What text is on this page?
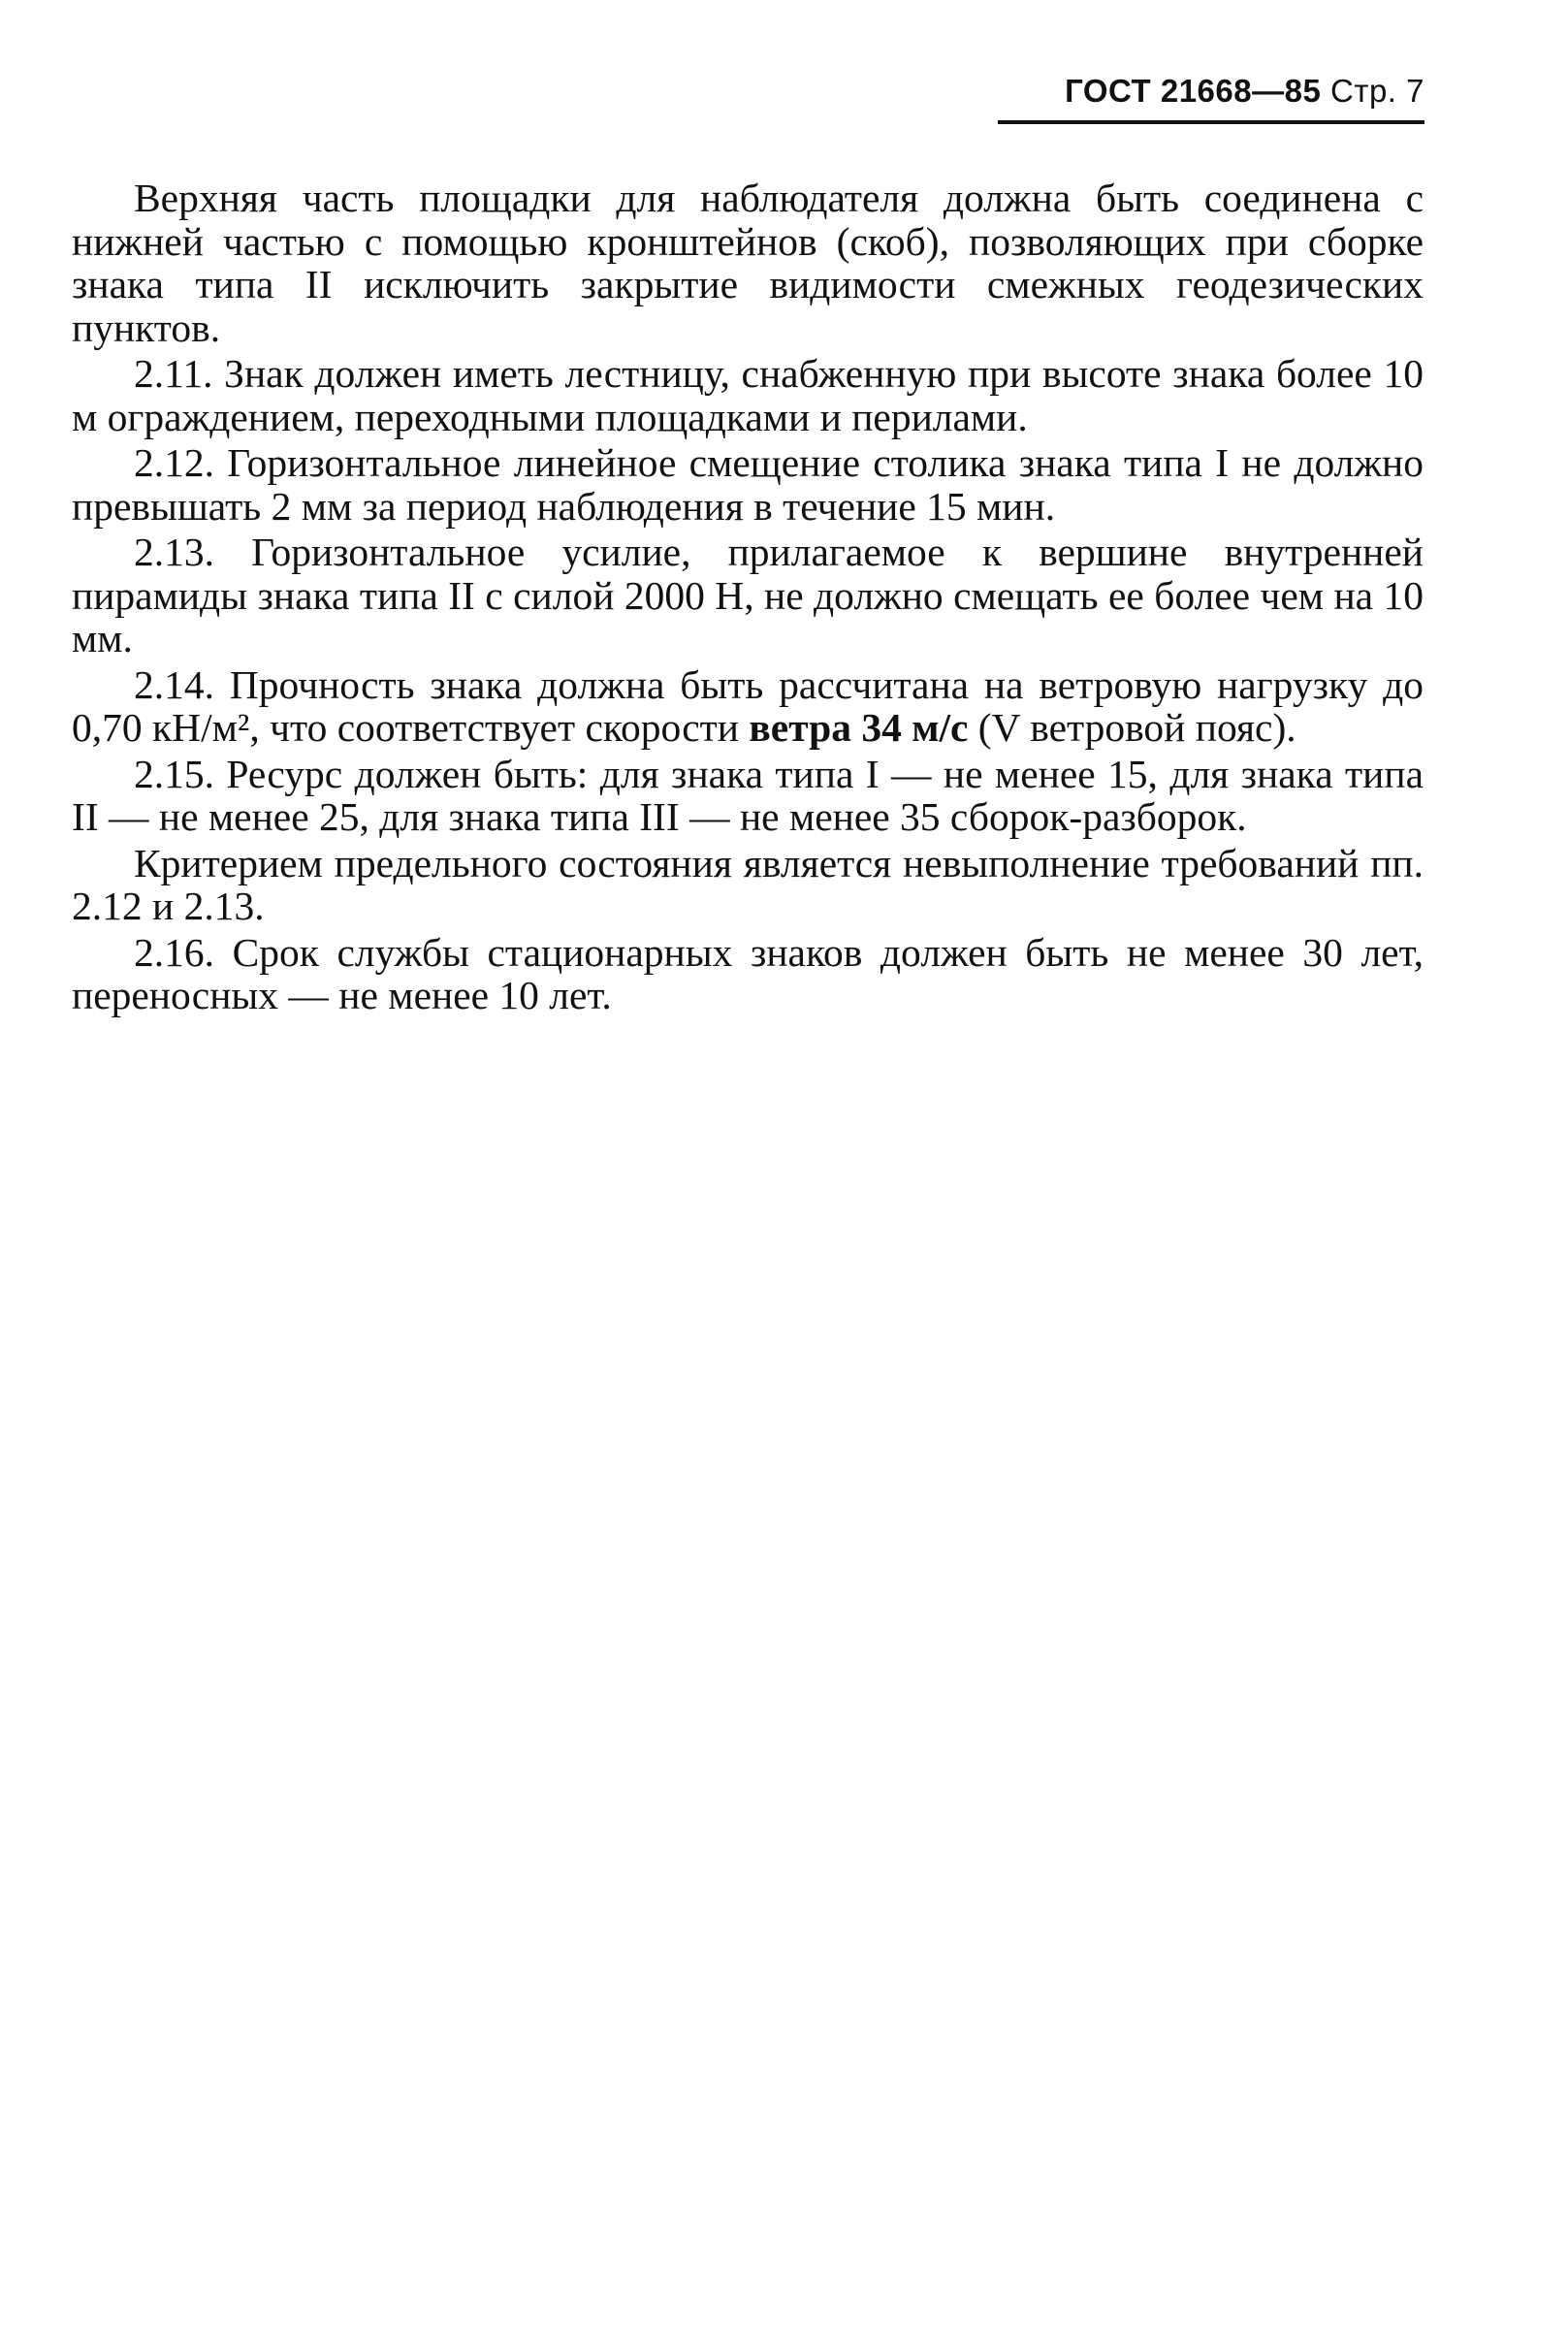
ГОСТ 21668—85 Стр. 7

Верхняя часть площадки для наблюдателя должна быть соединена с нижней частью с помощью кронштейнов (скоб), позволяющих при сборке знака типа II исключить закрытие видимости смежных геодезических пунктов.

2.11. Знак должен иметь лестницу, снабженную при высоте знака более 10 м ограждением, переходными площадками и перилами.

2.12. Горизонтальное линейное смещение столика знака типа I не должно превышать 2 мм за период наблюдения в течение 15 мин.

2.13. Горизонтальное усилие, прилагаемое к вершине внутренней пирамиды знака типа II с силой 2000 Н, не должно смещать ее более чем на 10 мм.

2.14. Прочность знака должна быть рассчитана на ветровую нагрузку до 0,70 кН/м², что соответствует скорости ветра 34 м/с (V ветровой пояс).

2.15. Ресурс должен быть: для знака типа I — не менее 15, для знака типа II — не менее 25, для знака типа III — не менее 35 сборок-разборок.

Критерием предельного состояния является невыполнение требований пп. 2.12 и 2.13.

2.16. Срок службы стационарных знаков должен быть не менее 30 лет, переносных — не менее 10 лет.
